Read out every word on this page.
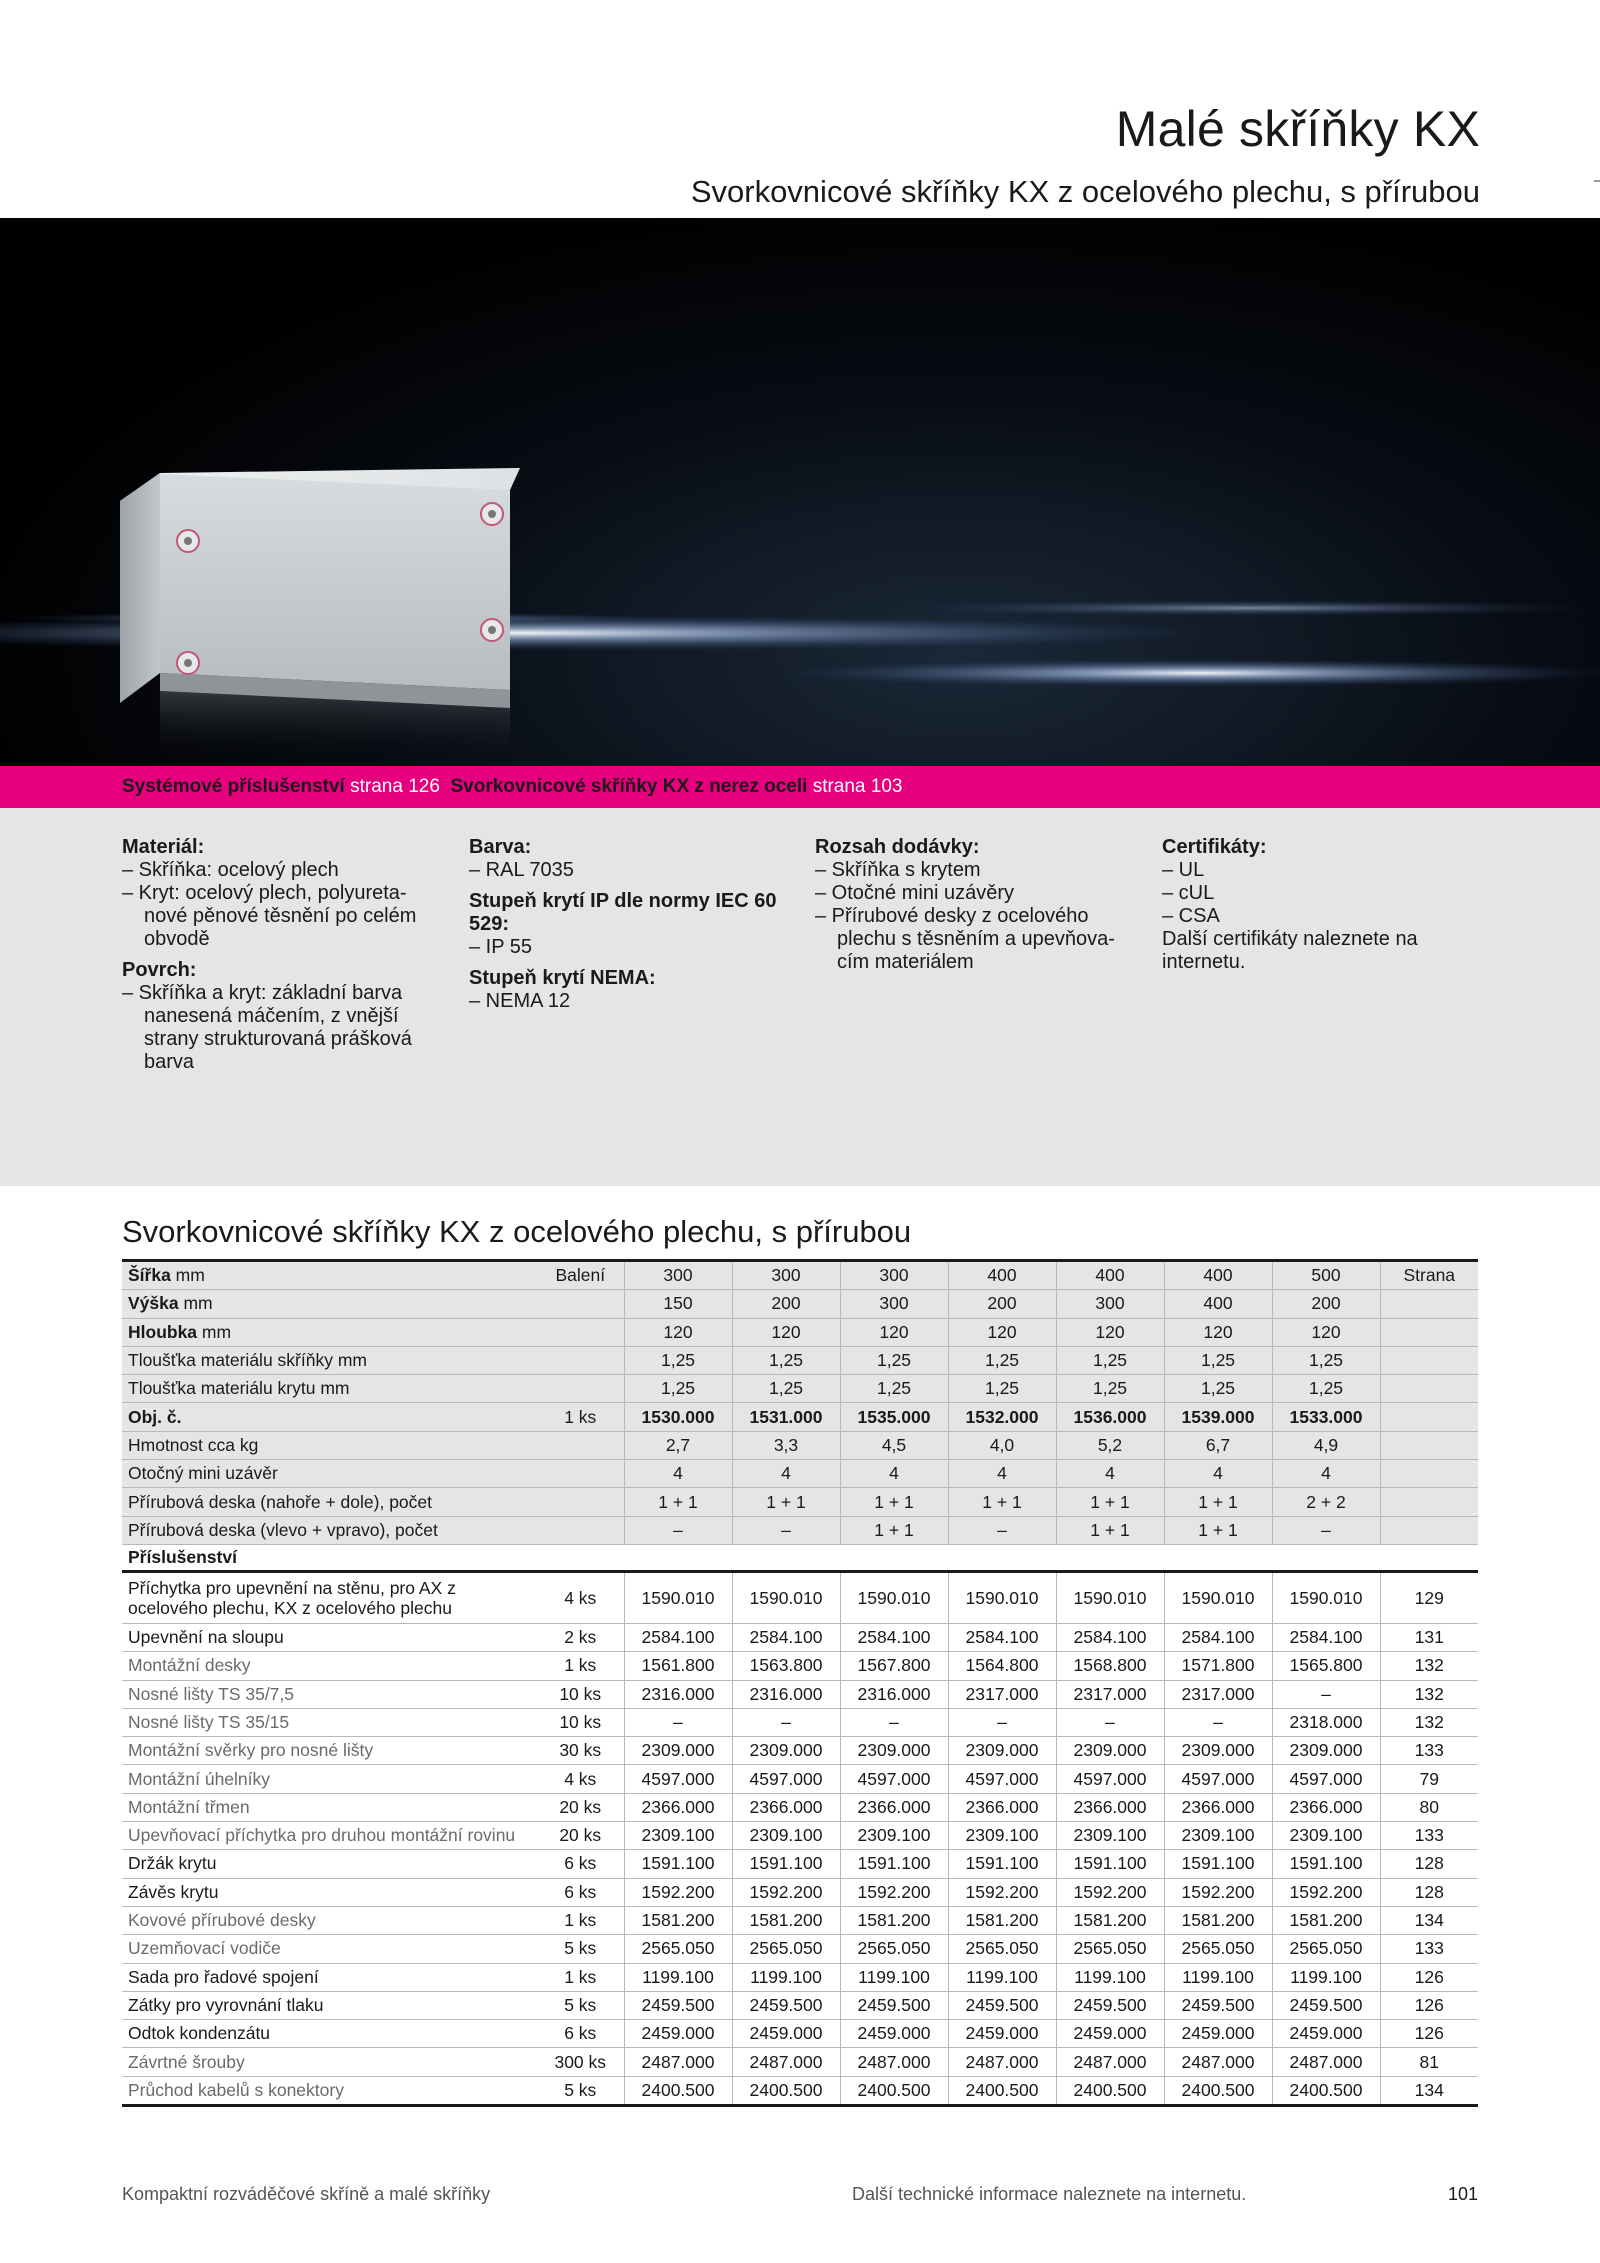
Malé skříňky KX
Svorkovnicové skříňky KX z ocelového plechu, s přírubou
Systémové příslušenství strana 126 Svorkovnicové skříňky KX z nerez oceli strana 103
Materiál:
– Skříňka: ocelový plech
– Kryt: ocelový plech, polyureta-nové pěnové těsnění po celém obvodě
Povrch:
– Skříňka a kryt: základní barva nanesená máčením, z vnější strany strukturovaná prášková barva
Barva:
– RAL 7035
Stupeň krytí IP dle normy IEC 60 529:
– IP 55
Stupeň krytí NEMA:
– NEMA 12
Rozsah dodávky:
– Skříňka s krytem
– Otočné mini uzávěry
– Přírubové desky z ocelového plechu s těsněním a upevňova-cím materiálem
Certifikáty:
– UL
– cUL
– CSA
Další certifikáty naleznete na internetu.
Svorkovnicové skříňky KX z ocelového plechu, s přírubou
Šířka mm	Balení	300	300	300	400	400	400	500	Strana
Výška mm		150	200	300	200	300	400	200	
Hloubka mm		120	120	120	120	120	120	120	
Tloušťka materiálu skříňky mm		1,25	1,25	1,25	1,25	1,25	1,25	1,25	
Tloušťka materiálu krytu mm		1,25	1,25	1,25	1,25	1,25	1,25	1,25	
Obj. č.	1 ks	1530.000	1531.000	1535.000	1532.000	1536.000	1539.000	1533.000	
Hmotnost cca kg		2,7	3,3	4,5	4,0	5,2	6,7	4,9	
Otočný mini uzávěr		4	4	4	4	4	4	4	
Přírubová deska (nahoře + dole), počet		1 + 1	1 + 1	1 + 1	1 + 1	1 + 1	1 + 1	2 + 2	
Přírubová deska (vlevo + vpravo), počet		–	–	1 + 1	–	1 + 1	1 + 1	–	
Příslušenství									
Příchytka pro upevnění na stěnu, pro AX z ocelového plechu, KX z ocelového plechu	4 ks	1590.010	1590.010	1590.010	1590.010	1590.010	1590.010	1590.010	129
Upevnění na sloupu	2 ks	2584.100	2584.100	2584.100	2584.100	2584.100	2584.100	2584.100	131
Montážní desky	1 ks	1561.800	1563.800	1567.800	1564.800	1568.800	1571.800	1565.800	132
Nosné lišty TS 35/7,5	10 ks	2316.000	2316.000	2316.000	2317.000	2317.000	2317.000	–	132
Nosné lišty TS 35/15	10 ks	–	–	–	–	–	–	2318.000	132
Montážní svěrky pro nosné lišty	30 ks	2309.000	2309.000	2309.000	2309.000	2309.000	2309.000	2309.000	133
Montážní úhelníky	4 ks	4597.000	4597.000	4597.000	4597.000	4597.000	4597.000	4597.000	79
Montážní třmen	20 ks	2366.000	2366.000	2366.000	2366.000	2366.000	2366.000	2366.000	80
Upevňovací příchytka pro druhou montážní rovinu	20 ks	2309.100	2309.100	2309.100	2309.100	2309.100	2309.100	2309.100	133
Držák krytu	6 ks	1591.100	1591.100	1591.100	1591.100	1591.100	1591.100	1591.100	128
Závěs krytu	6 ks	1592.200	1592.200	1592.200	1592.200	1592.200	1592.200	1592.200	128
Kovové přírubové desky	1 ks	1581.200	1581.200	1581.200	1581.200	1581.200	1581.200	1581.200	134
Uzemňovací vodiče	5 ks	2565.050	2565.050	2565.050	2565.050	2565.050	2565.050	2565.050	133
Sada pro řadové spojení	1 ks	1199.100	1199.100	1199.100	1199.100	1199.100	1199.100	1199.100	126
Zátky pro vyrovnání tlaku	5 ks	2459.500	2459.500	2459.500	2459.500	2459.500	2459.500	2459.500	126
Odtok kondenzátu	6 ks	2459.000	2459.000	2459.000	2459.000	2459.000	2459.000	2459.000	126
Závrtné šrouby	300 ks	2487.000	2487.000	2487.000	2487.000	2487.000	2487.000	2487.000	81
Průchod kabelů s konektory	5 ks	2400.500	2400.500	2400.500	2400.500	2400.500	2400.500	2400.500	134
Kompaktní rozváděčové skříně a malé skříňky	Další technické informace naleznete na internetu.	101
